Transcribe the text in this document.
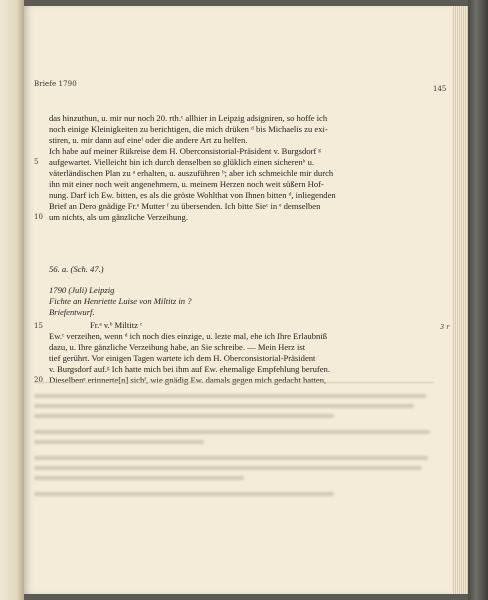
Briefe 1790
145
das hinzuthun, u. mir nur noch 20. rth.ᶜ allhier in Leipzig adsigniren, so hoffe ich
noch einige Kleinigkeiten zu berichtigen, die mich drüken ᵈ bis Michaelis zu exi-
stiren, u. mir dann auf eineᶠ oder die andere Art zu helfen.
Ich habe auf meiner Rükreise dem H. Oberconsistorial-Präsident v. Burgsdorf ᵍ
5 aufgewartet. Vielleicht bin ich durch denselben so glüklich einen sicherenʰ u.
väterländischen Plan zu ᵃ erhalten, u. auszuführen ᵇ; aber ich schmeichle mir durch
ihn mit einer noch weit angenehmern, u. meinem Herzen noch weit süßern Hof-
nung. Darf ich Ew. bitten, es als die gröste Wohlthat von Ihnen bitten ᵈ, inliegenden
Brief an Dero gnädige Fr.ᵉ Mutter ᶠ zu übersenden. Ich bitte Sieᶜ in ᵉ demselben
10 um nichts, als um gänzliche Verzeihung.
56. a. (Sch. 47.)
1790 (Juli) Leipzig
Fichte an Henriette Luise von Miltitz in ?
Briefentwurf.
15	Fr.ᵃ v.ᵇ Miltitz ᶜ	3 r
Ew.ᶜ verzeihen, wenn ᵈ ich noch dies einzige, u. lezte mal, ehe ich Ihre Erlaubniß
dazu, u. Ihre gänzliche Verzeihung habe, an Sie schreibe. — Mein Herz ist
tief gerührt. Vor einigen Tagen wartete ich dem H. Oberconsistorial-Präsident
v. Burgsdorf auf.ᵍ Ich hatte mich bei ihm auf Ew. ehemalige Empfehlung berufen.
20 Dieselbenᵉ erinnerte[n] sichᶠ, wie gnädig Ew. damals gegen mich gedacht hatten,
